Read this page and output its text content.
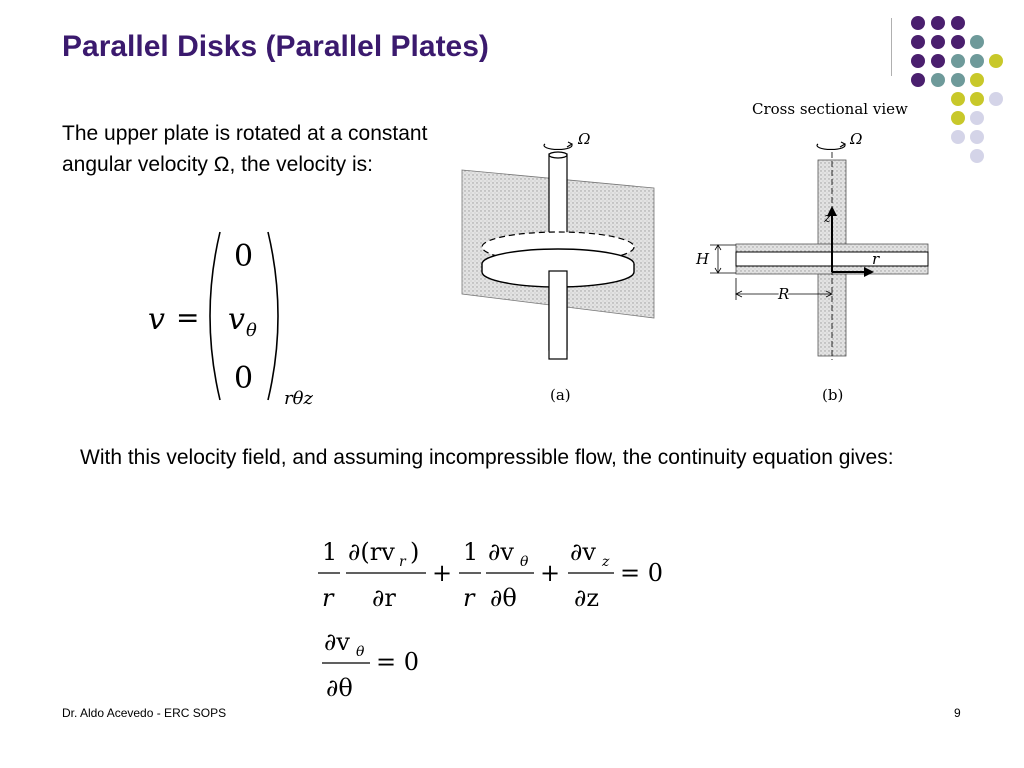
Parallel Disks (Parallel Plates)
The upper plate is rotated at a constant angular velocity Ω, the velocity is:
v =
0
v θ
0
rθz
Ω
(a)
Cross sectional view
Ω
z
r
H
R
(b)
With this velocity field, and assuming incompressible flow, the continuity equation gives:
1
r
∂(rv r )
∂r
+
1
r
∂v θ
∂θ
+
∂v z
∂z
= 0
∂v θ
∂θ
= 0
Dr. Aldo Acevedo - ERC SOPS	9
